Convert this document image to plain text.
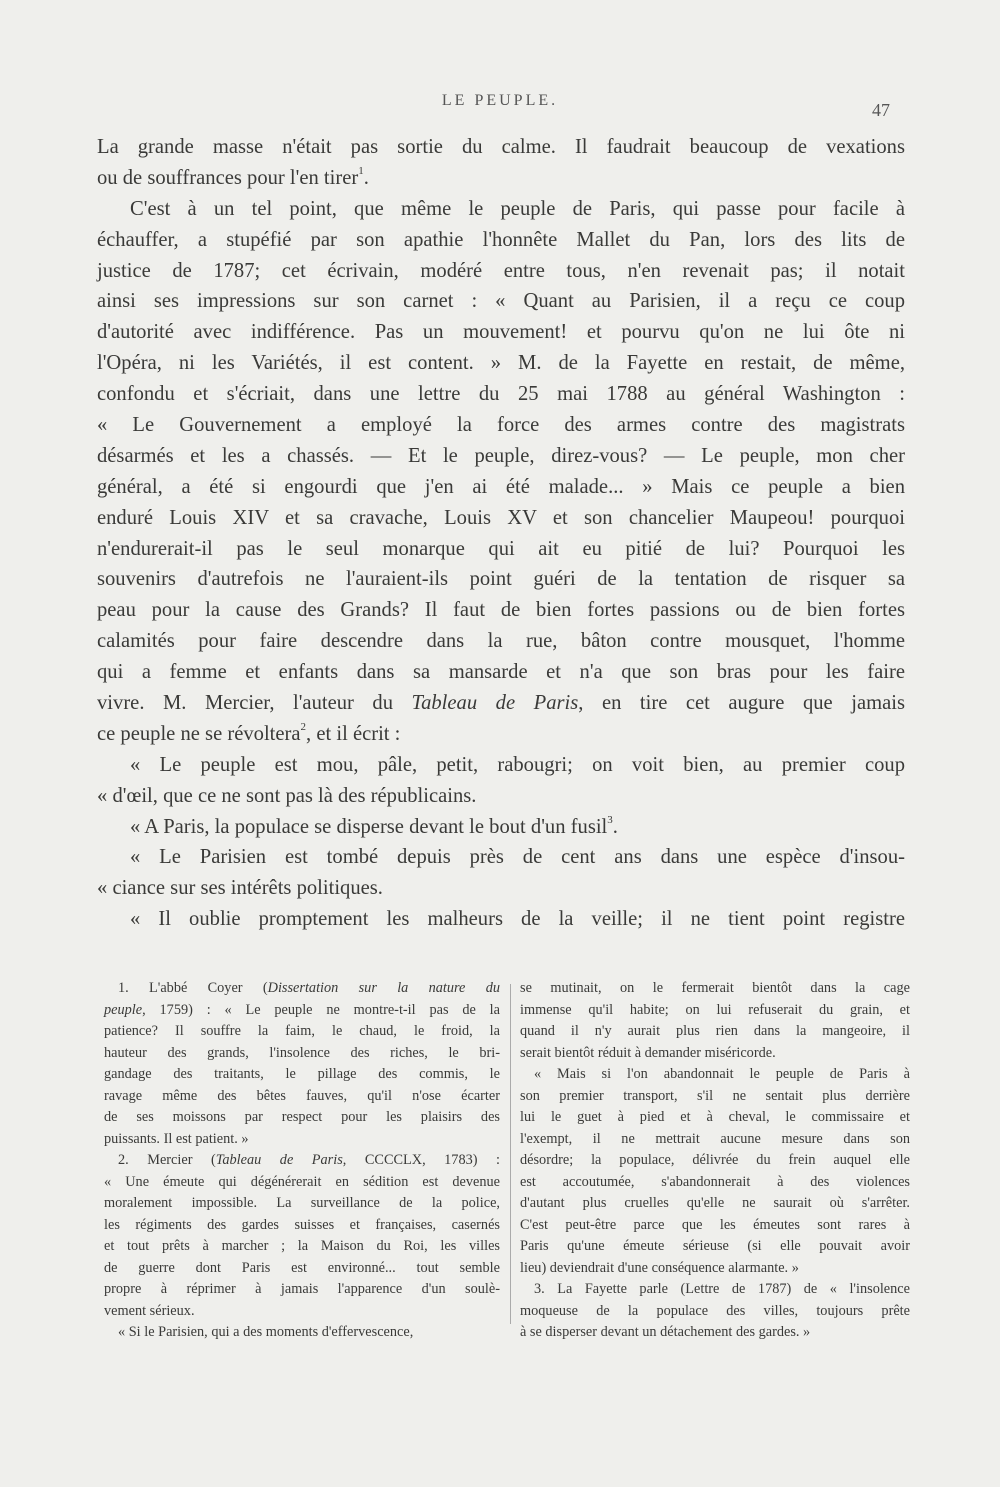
LE PEUPLE.	47
La grande masse n'était pas sortie du calme. Il faudrait beaucoup de vexations
ou de souffrances pour l'en tirer$^1$.
C'est à un tel point, que même le peuple de Paris, qui passe pour facile à
échauffer, a stupéfié par son apathie l'honnête Mallet du Pan, lors des lits de
justice de 1787; cet écrivain, modéré entre tous, n'en revenait pas; il notait
ainsi ses impressions sur son carnet : « Quant au Parisien, il a reçu ce coup
d'autorité avec indifférence. Pas un mouvement! et pourvu qu'on ne lui ôte ni
l'Opéra, ni les Variétés, il est content. » M. de la Fayette en restait, de même,
confondu et s'écriait, dans une lettre du 25 mai 1788 au général Washington :
« Le Gouvernement a employé la force des armes contre des magistrats
désarmés et les a chassés. — Et le peuple, direz-vous? — Le peuple, mon cher
général, a été si engourdi que j'en ai été malade... » Mais ce peuple a bien
enduré Louis XIV et sa cravache, Louis XV et son chancelier Maupeou! pourquoi
n'endurerait-il pas le seul monarque qui ait eu pitié de lui? Pourquoi les
souvenirs d'autrefois ne l'auraient-ils point guéri de la tentation de risquer sa
peau pour la cause des Grands? Il faut de bien fortes passions ou de bien fortes
calamités pour faire descendre dans la rue, bâton contre mousquet, l'homme
qui a femme et enfants dans sa mansarde et n'a que son bras pour les faire
vivre. M. Mercier, l'auteur du Tableau de Paris, en tire cet augure que jamais
ce peuple ne se révoltera$^2$, et il écrit :
« Le peuple est mou, pâle, petit, rabougri; on voit bien, au premier coup
« d'œil, que ce ne sont pas là des républicains.
« A Paris, la populace se disperse devant le bout d'un fusil$^3$.
« Le Parisien est tombé depuis près de cent ans dans une espèce d'insou-
« ciance sur ses intérêts politiques.
« Il oublie promptement les malheurs de la veille; il ne tient point registre
1. L'abbé Coyer (Dissertation sur la nature du
peuple, 1759) : « Le peuple ne montre-t-il pas de la
patience? Il souffre la faim, le chaud, le froid, la
hauteur des grands, l'insolence des riches, le bri-
gandage des traitants, le pillage des commis, le
ravage même des bêtes fauves, qu'il n'ose écarter
de ses moissons par respect pour les plaisirs des
puissants. Il est patient. »
2. Mercier (Tableau de Paris, CCCCLX, 1783) :
« Une émeute qui dégénérerait en sédition est devenue
moralement impossible. La surveillance de la police,
les régiments des gardes suisses et françaises, casernés
et tout prêts à marcher ; la Maison du Roi, les villes
de guerre dont Paris est environné... tout semble
propre à réprimer à jamais l'apparence d'un soulè-
vement sérieux.
« Si le Parisien, qui a des moments d'effervescence,
se mutinait, on le fermerait bientôt dans la cage
immense qu'il habite; on lui refuserait du grain, et
quand il n'y aurait plus rien dans la mangeoire, il
serait bientôt réduit à demander miséricorde.
« Mais si l'on abandonnait le peuple de Paris à
son premier transport, s'il ne sentait plus derrière
lui le guet à pied et à cheval, le commissaire et
l'exempt, il ne mettrait aucune mesure dans son
désordre; la populace, délivrée du frein auquel elle
est accoutumée, s'abandonnerait à des violences
d'autant plus cruelles qu'elle ne saurait où s'arrêter.
C'est peut-être parce que les émeutes sont rares à
Paris qu'une émeute sérieuse (si elle pouvait avoir
lieu) deviendrait d'une conséquence alarmante. »
3. La Fayette parle (Lettre de 1787) de « l'insolence
moqueuse de la populace des villes, toujours prête
à se disperser devant un détachement des gardes. »
